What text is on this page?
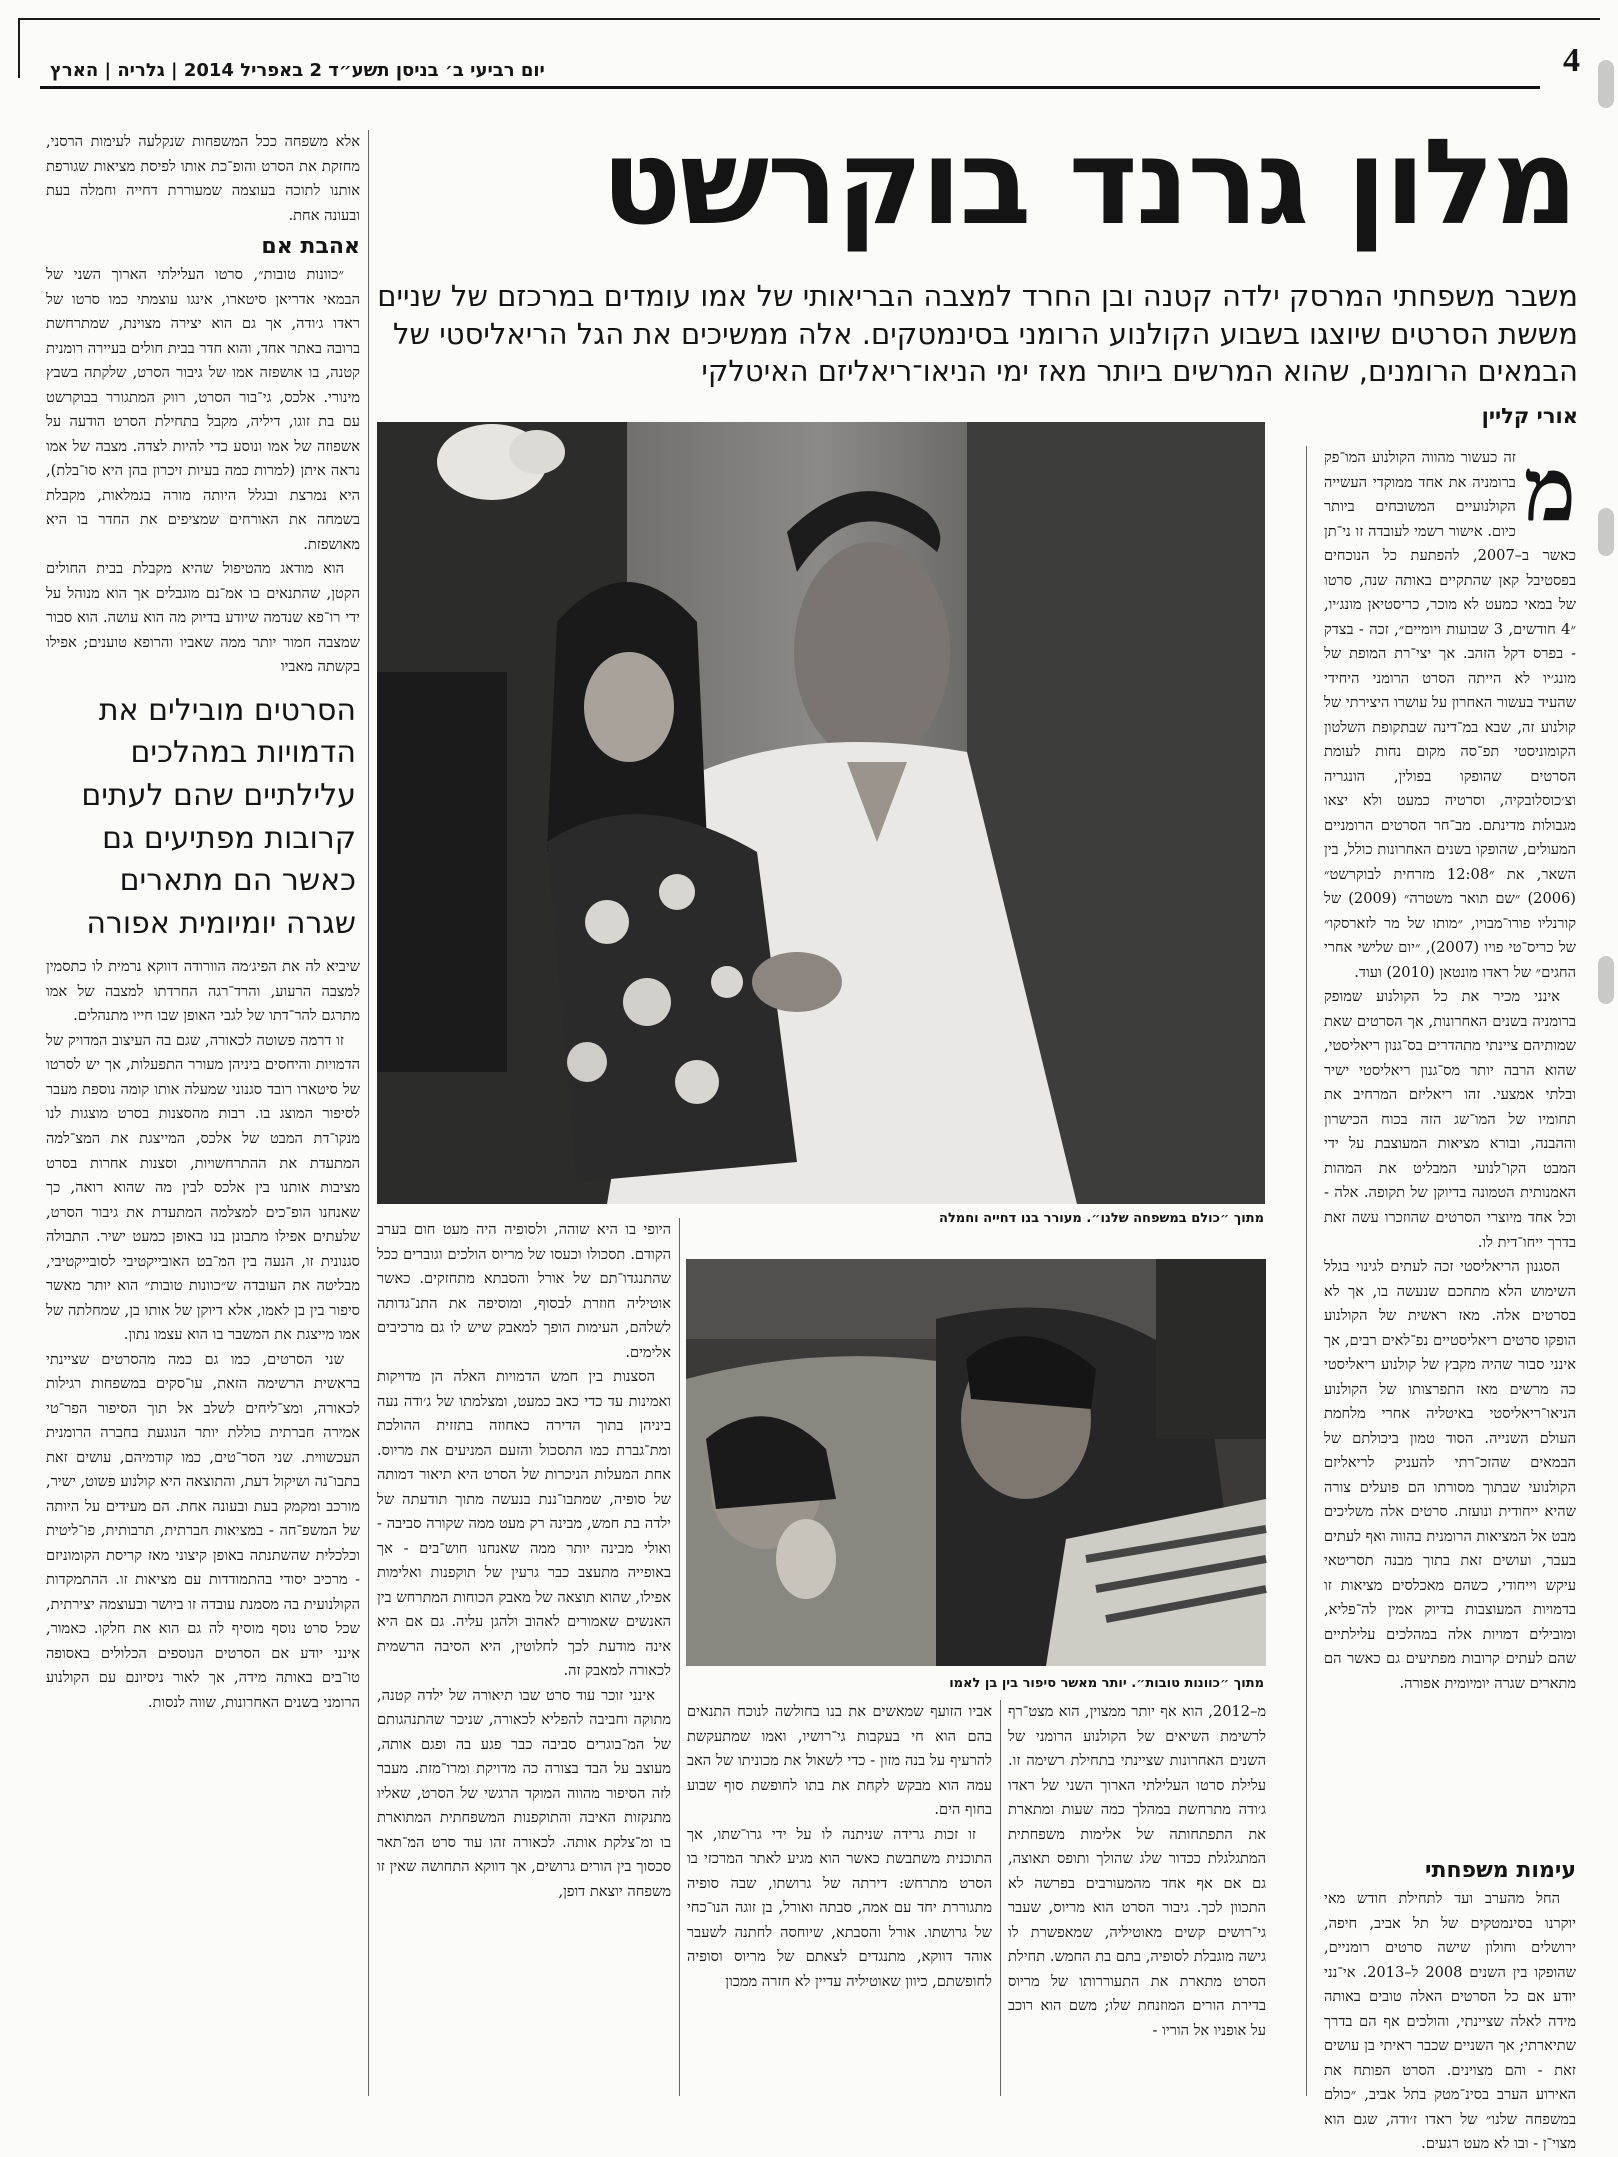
4
יום רביעי ב׳ בניסן תשע״ד 2 באפריל 2014 | גלריה | הארץ
מלון גרנד בוקרשט
משבר משפחתי המרסק ילדה קטנה ובן החרד למצבה הבריאותי של אמו עומדים במרכזם של שניים
מששת הסרטים שיוצגו בשבוע הקולנוע הרומני בסינמטקים. אלה ממשיכים את הגל הריאליסטי של
הבמאים הרומנים, שהוא המרשים ביותר מאז ימי הניאו־ריאליזם האיטלקי
אורי קליין
מ

זה כעשור מהווה הקולנוע המו־פק ברומניה את אחד ממוקדי העשייה הקולנועיים המשובחים ביותר כיום. אישור רשמי לעובדה זו ני־תן כאשר ב–2007, להפתעת כל הנוכחים בפסטיבל קאן שהתקיים באותה שנה, סרטו של במאי כמעט לא מוכר, כריסטיאן מונג׳יו, ״4 חודשים, 3 שבועות ויומיים״, זכה - בצדק - בפרס דקל הזהב. אך יצי־רת המופת של מונג׳יו לא הייתה הסרט הרומני היחידי שהעיד בעשור האחרון על עושרו היצירתי של קולנוע זה, שבא במ־דינה שבתקופת השלטון הקומוניסטי תפ־סה מקום נחות לעומת הסרטים שהופקו בפולין, הונגריה וצ׳כוסלובקיה, וסרטיה כמעט ולא יצאו מגבולות מדינתם. מב־חר הסרטים הרומניים המעולים, שהופקו בשנים האחרונות כולל, בין השאר, את ״12:08 מזרחית לבוקרשט״ (2006) ״שם תואר משטרה״ (2009) של קורנליו פורו־מבויו, ״מותו של מר לזארסקו״ של כריס־טי פויו (2007), ״יום שלישי אחרי החגים״ של ראדו מונטאן (2010) ועוד.

אינני מכיר את כל הקולנוע שמופק ברומניה בשנים האחרונות, אך הסרטים שאת שמותיהם ציינתי מתהדרים בס־גנון ריאליסטי, שהוא הרבה יותר מס־גנון ריאליסטי ישיר ובלתי אמצעי. זהו ריאליזם המרחיב את תחומיו של המו־שג הזה בכוח הכישרון וההבנה, ובורא מציאות המעוצבת על ידי המבט הקו־לנועי המבליט את המהות האמנותית הטמונה בדיוקן של תקופה. אלה - וכל אחד מיוצרי הסרטים שהוזכרו עשה זאת בדרך ייחו־דית לו.

הסגנון הריאליסטי זכה לעתים לגינוי בגלל השימוש הלא מתחכם שנעשה בו, אך לא בסרטים אלה. מאז ראשית של הקולנוע הופקו סרטים ריאליסטיים נפ־לאים רבים, אך אינני סבור שהיה מקבץ של קולנוע ריאליסטי כה מרשים מאז התפרצותו של הקולנוע הניאו־ריאליסטי באיטליה אחרי מלחמת העולם השנייה. הסוד טמון ביכולתם של הבמאים שהזכ־רתי להעניק לריאליזם הקולנועי שבתוך מסורתו הם פועלים צורה שהיא ייחודית ונועזת. סרטים אלה משליכים מבט אל המציאות הרומנית בהווה ואף לעתים בעבר, ועושים זאת בתוך מבנה תסריטאי עיקש וייחודי, כשהם מאכלסים מציאות זו בדמויות המעוצבות בדיוק אמין לה־פליא, ומובילים דמויות אלה במהלכים עלילתיים שהם לעתים קרובות מפתיעים גם כאשר הם מתארים שגרה יומיומית אפורה.

עימות משפחתי

החל מהערב ועד לתחילת חודש מאי יוקרנו בסינמטקים של תל אביב, חיפה, ירושלים וחולון שישה סרטים רומניים, שהופקו בין השנים 2008 ל–2013. אי־נני יודע אם כל הסרטים האלה טובים באותה מידה לאלה שציינתי, והולכים אף הם בדרך שתיארתי; אך השניים שכבר ראיתי בן עושים זאת - והם מצוינים. הסרט הפותח את האירוע הערב בסינ־מטק בתל אביב, ״כולם במשפחה שלנו״ של ראדו ז׳ודה, שגם הוא מצוי־ן - ובו לא מעט רגעים.

מתוך ״כולם במשפחה שלנו״. מעורר בנו דחייה וחמלה
מתוך ״כוונות טובות״. יותר מאשר סיפור בין בן לאמו

מ–2012, הוא אף יותר ממצוין, הוא מצט־רף לרשימת השיאים של הקולנוע הרומני של השנים האחרונות שציינתי בתחילת רשימה זו. עלילת סרטו העלילתי הארוך השני של ראדו ג׳ודה מתרחשת במהלך כמה שעות ומתארת את התפתחותה של אלימות משפחתית המתגלגלת ככדור שלג שהולך ותופס תאוצה, גם אם אף אחד מהמעורבים בפרשה לא התכוון לכך. גיבור הסרט הוא מריוס, שעבר גי־רושים קשים מאוטיליה, שמאפשרת לו גישה מוגבלת לסופיה, בתם בת החמש. תחילת הסרט מתארת את התעוררותו של מריוס בדירת הורים המוזנחת שלו; משם הוא רוכב על אופניו אל הוריו -

אביו הזועף שמאשים את בנו בחולשה לנוכח התנאים בהם הוא חי בעקבות גי־רושיו, ואמו שמתעקשת להרעיף על בנה מזון - כדי לשאול את מכוניתו של האב עמה הוא מבקש לקחת את בתו לחופשת סוף שבוע בחוף הים.

זו זכות גרידה שניתנה לו על ידי גרו־שתו, אך התוכנית משתבשת כאשר הוא מגיע לאתר המרכזי בו הסרט מתרחש: דירתה של גרושתו, שבה סופיה מתגוררת יחד עם אמה, סבתה ואורל, בן זוגה הנו־כחי של גרושתו. אורל והסבתא, שיוחסה לחתנה לשעבר אוהד דווקא, מתנגדים לצאתם של מריוס וסופיה לחופשתם, כיוון שאוטיליה עדיין לא חזרה ממכון

היופי בו היא שוהה, ולסופיה היה מעט חום בערב הקודם. תסכולו וכעסו של מריוס הולכים וגוברים ככל שהתנגדו־תם של אורל והסבתא מתחזקים. כאשר אוטיליה חוזרת לבסוף, ומוסיפה את התנ־גדותה לשלהם, העימות הופך למאבק שיש לו גם מרכיבים אלימים.

הסצנות בין חמש הדמויות האלה הן מדויקות ואמינות עד כדי כאב כמעט, ומצלמתו של ג׳ודה נעה ביניהן בתוך הדירה כאחוזה בתזזית ההולכת ומת־גברת כמו התסכול והזעם המניעים את מריוס. אחת המעלות הניכרות של הסרט היא תיאור דמותה של סופיה, שמתבו־ננת בנעשה מתוך תודעתה של ילדה בת חמש, מבינה רק מעט ממה שקורה סביבה - ואולי מבינה יותר ממה שאנחנו חוש־בים - אך באופייה מתעצב כבר גרעין של תוקפנות ואלימות אפילו, שהוא תוצאה של מאבק הכוחות המתרחש בין האנשים שאמורים לאהוב ולהגן עליה. גם אם היא אינה מודעת לכך לחלוטין, היא הסיבה הרשמית לכאורה למאבק זה.

אינני זוכר עוד סרט שבו תיאורה של ילדה קטנה, מתוקה וחביבה להפליא לכאורה, שניכר שהתנהגותם של המ־בוגרים סביבה כבר פגע בה ופגם אותה, מעוצב על הבד בצורה כה מדויקת ומרו־מזת. מעבר לזה הסיפור מהווה המוקד הרגשי של הסרט, שאליו מתנקזות האיבה והתוקפנות המשפחתית המתוארת בו ומ־צלקת אותה. לכאורה זהו עוד סרט המ־תאר סכסוך בין הורים גרושים, אך דווקא התחושה שאין זו משפחה יוצאת דופן,

אלא משפחה ככל המשפחות שנקלעה לעימות הרסני, מחזקת את הסרט והופ־כת אותו לפיסת מציאות שגורפת אותנו לתוכה בעוצמה שמעוררת דחייה וחמלה בעת ובעונה אחת.

אהבת אם

״כוונות טובות״, סרטו העלילתי הארוך השני של הבמאי אדריאן סיטארו, אינגו עוצמתי כמו סרטו של ראדו ג׳ודה, אך גם הוא יצירה מצוינת, שמתרחשת ברובה באתר אחד, והוא חדר בבית חולים בעיירה רומנית קטנה, בו אושפזה אמו של גיבור הסרט, שלקתה בשבץ מינורי. אלכס, גי־בור הסרט, רווק המתגורר בבוקרשט עם בת זוגו, דיליה, מקבל בתחילת הסרט הודעה על אשפוזה של אמו ונוסע כדי להיות לצדה. מצבה של אמו נראה איתן (למרות כמה בעיות זיכרון בהן היא סו־בלת), היא נמרצת ובגלל היותה מורה בגמלאות, מקבלת בשמחה את האורחים שמציפים את החדר בו היא מאושפזת.

הוא מודאג מהטיפול שהיא מקבלת בבית החולים הקטן, שהתנאים בו אמ־נם מוגבלים אך הוא מנוהל על ידי רו־פא שנדמה שיודע בדיוק מה הוא עושה. הוא סבור שמצבה חמור יותר ממה שאביו והרופא טוענים; אפילו בקשתה מאביו

הסרטים מובילים את
הדמויות במהלכים
עלילתיים שהם לעתים
קרובות מפתיעים גם
כאשר הם מתארים
שגרה יומיומית אפורה

שיביא לה את הפיג׳מה הוורודה דווקא נרמית לו כתסמין למצבה הרעוע, והרד־רגה החרדתו למצבה של אמו מתרגם להר־דתו של לגבי האופן שבו חייו מתנהלים.

זו דרמה פשוטה לכאורה, שגם בה העיצוב המדויק של הדמויות והיחסים ביניהן מעורר התפעלות, אך יש לסרטו של סיטארו רובד סגנוני שמעלה אותו קומה נוספת מעבר לסיפור המוצג בו. רבות מהסצנות בסרט מוצגות לנו מנקו־דת המבט של אלכס, המייצגת את המצ־למה המתעדת את ההתרחשויות, וסצנות אחרות בסרט מציבות אותנו בין אלכס לבין מה שהוא רואה, כך שאנחנו הופ־כים למצלמה המתעדת את גיבור הסרט, שלעתים אפילו מתבונן בנו באופן כמעט ישיר. התבולה סגנונית זו, הנעה בין המ־בט האובייקטיבי לסובייקטיבי, מבליטה את העובדה ש״כוונות טובות״ הוא יותר מאשר סיפור בין בן לאמו, אלא דיוקן של אותו בן, שמחלתה של אמו מייצגת את המשבר בו הוא עצמו נתון.

שני הסרטים, כמו גם כמה מהסרטים שציינתי בראשית הרשימה הזאת, עו־סקים במשפחות רגילות לכאורה, ומצ־ליחים לשלב אל תוך הסיפור הפר־טי אמירה חברתית כוללת יותר הנוגעת בחברה הרומנית העכשווית. שני הסר־טים, כמו קודמיהם, עושים זאת בתבו־נה ושיקול דעת, והתוצאה היא קולנוע פשוט, ישיר, מורכב ומקמק בעת ובעונה אחת. הם מעידים על היותה של המשפ־חה - במציאות חברתית, תרבותית, פו־ליטית וכלכלית שהשתנתה באופן קיצוני מאז קריסת הקומוניזם - מרכיב יסודי בהתמודדות עם מציאות זו. ההתמקדות הקולנועית בה מסמנת עובדה זו ביושר ובעוצמה יצירתית, שכל סרט נוסף מוסיף לה גם הוא את חלקו. כאמור, אינני יודע אם הסרטים הנוספים הכלולים באסופה טו־בים באותה מידה, אך לאור ניסיונם עם הקולנוע הרומני בשנים האחרונות, שווה לנסות.
